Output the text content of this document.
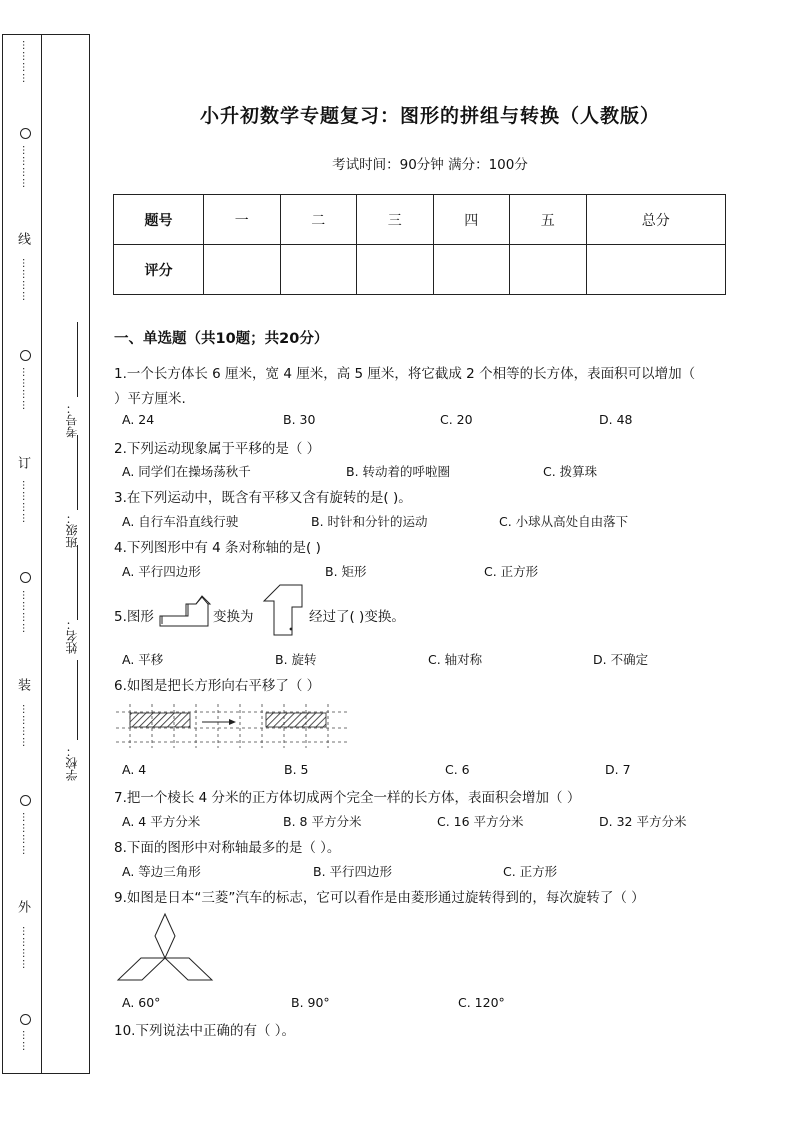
…………
…………
线
…………
…………
订
…………
…………
装
…………
…………
外
…………
……
考号：
班级：
姓名：
学校：
小升初数学专题复习：图形的拼组与转换（人教版）
考试时间：90分钟 满分：100分
题号	一	二	三	四	五	总分
评分						
一、单选题（共10题；共20分）
1.一个长方体长 6 厘米，宽 4 厘米，高 5 厘米，将它截成 2 个相等的长方体，表面积可以增加（
）平方厘米.
A. 24	B. 30	C. 20	D. 48
2.下列运动现象属于平移的是（ ）
A. 同学们在操场荡秋千	B. 转动着的呼啦圈	C. 拨算珠
3.在下列运动中，既含有平移又含有旋转的是( )。
A. 自行车沿直线行驶	B. 时针和分针的运动	C. 小球从高处自由落下
4.下列图形中有 4 条对称轴的是( )
A. 平行四边形	B. 矩形	C. 正方形
5.图形	变换为	经过了( )变换。
A. 平移	B. 旋转	C. 轴对称	D. 不确定
6.如图是把长方形向右平移了（ ）
A. 4	B. 5	C. 6	D. 7
7.把一个棱长 4 分米的正方体切成两个完全一样的长方体，表面积会增加（ ）
A. 4 平方分米	B. 8 平方分米	C. 16 平方分米	D. 32 平方分米
8.下面的图形中对称轴最多的是（ ）。
A. 等边三角形	B. 平行四边形	C. 正方形
9.如图是日本“三菱”汽车的标志，它可以看作是由菱形通过旋转得到的，每次旋转了（ ）
A. 60°	B. 90°	C. 120°
10.下列说法中正确的有（ ）。
